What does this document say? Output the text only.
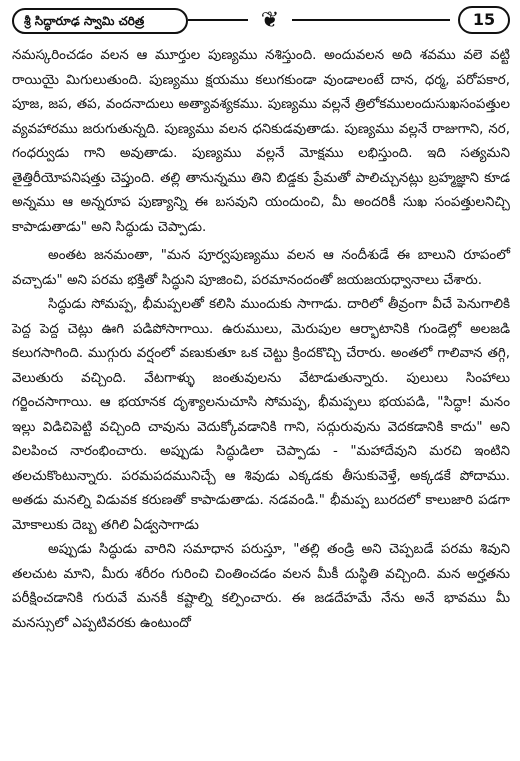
శ్రీ సిద్ధారూఢ స్వామి చరిత్ర	❦	15

నమస్కరించడం వలన ఆ మూర్తుల పుణ్యము నశిస్తుంది. అందువలన అది శవము వలె వట్టి రాయియై మిగులుతుంది. పుణ్యము క్షయము కలుగకుండా వుండాలంటే దాన, ధర్మ, పరోపకార, పూజ, జప, తప, వందనాదులు అత్యావశ్యకము. పుణ్యము వల్లనే త్రిలోకములందుసుఖసంపత్తుల వ్యవహారము జరుగుతున్నది. పుణ్యము వలన ధనికుడవుతాడు. పుణ్యము వల్లనే రాజుగాని, నర, గంధర్వుడు గాని అవుతాడు. పుణ్యము వల్లనే మోక్షము లభిస్తుంది. ఇది సత్యమని తైత్తిరీయోపనిషత్తు చెప్తుంది. తల్లి తానున్నము తిని బిడ్డకు ప్రేమతో పాలిచ్చునట్లు బ్రహ్మజ్ఞాని కూడ అన్నము ఆ అన్నరూప పుణ్యాన్ని ఈ బసవుని యందుంచి, మీ అందరికీ సుఖ సంపత్తులనిచ్చి కాపాడుతాడు" అని సిద్ధుడు చెప్పాడు.

అంతట జనమంతా, "మన పూర్వపుణ్యము వలన ఆ నందీశుడే ఈ బాలుని రూపంలో వచ్చాడు" అని పరమ భక్తితో సిద్ధుని పూజించి, పరమానందంతో జయజయధ్వానాలు చేశారు.

సిద్ధుడు సోమప్ప, భీమప్పలతో కలిసి ముందుకు సాగాడు. దారిలో తీవ్రంగా వీచే పెనుగాలికి పెద్ద పెద్ద చెట్లు ఊగి పడిపోసాగాయి. ఉరుములు, మెరుపుల ఆర్భాటానికి గుండెల్లో అలజడి కలుగసాగింది. ముగ్గురు వర్షంలో వణుకుతూ ఒక చెట్టు క్రిందకొచ్చి చేరారు. అంతలో గాలివాన తగ్గి, వెలుతురు వచ్చింది. వేటగాళ్ళు జంతువులను వేటాడుతున్నారు. పులులు సింహాలు గర్జించసాగాయి. ఆ భయానక దృశ్యాలనుచూసి సోమప్ప, భీమప్పలు భయపడి, "సిద్ధా! మనం ఇల్లు విడిచిపెట్టి వచ్చింది చావును వెదుక్కోవడానికి గాని, సద్గురువును వెదకడానికి కాదు" అని విలపించ నారంభించారు. అప్పుడు సిద్ధుడిలా చెప్పాడు - "మహాదేవుని మరచి ఇంటిని తలచుకొంటున్నారు. పరమపదమునిచ్చే ఆ శివుడు ఎక్కడకు తీసుకువెళ్తే, అక్కడకే పోదాము. అతడు మనల్ని విడువక కరుణతో కాపాడుతాడు. నడవండి." భీమప్ప బురదలో కాలుజారి పడగా మోకాలుకు దెబ్బ తగిలి ఏడ్వసాగాడు

అప్పుడు సిద్ధుడు వారిని సమాధాన పరుస్తూ, "తల్లి తండ్రి అని చెప్పబడే పరమ శివుని తలచుట మాని, మీరు శరీరం గురించి చింతించడం వలన మీకీ దుస్థితి వచ్చింది. మన అర్హతను పరీక్షించడానికి గురువే మనకీ కష్టాల్ని కల్పించారు. ఈ జడదేహమే నేను అనే భావము మీ మనస్సులో ఎప్పటివరకు ఉంటుందో
